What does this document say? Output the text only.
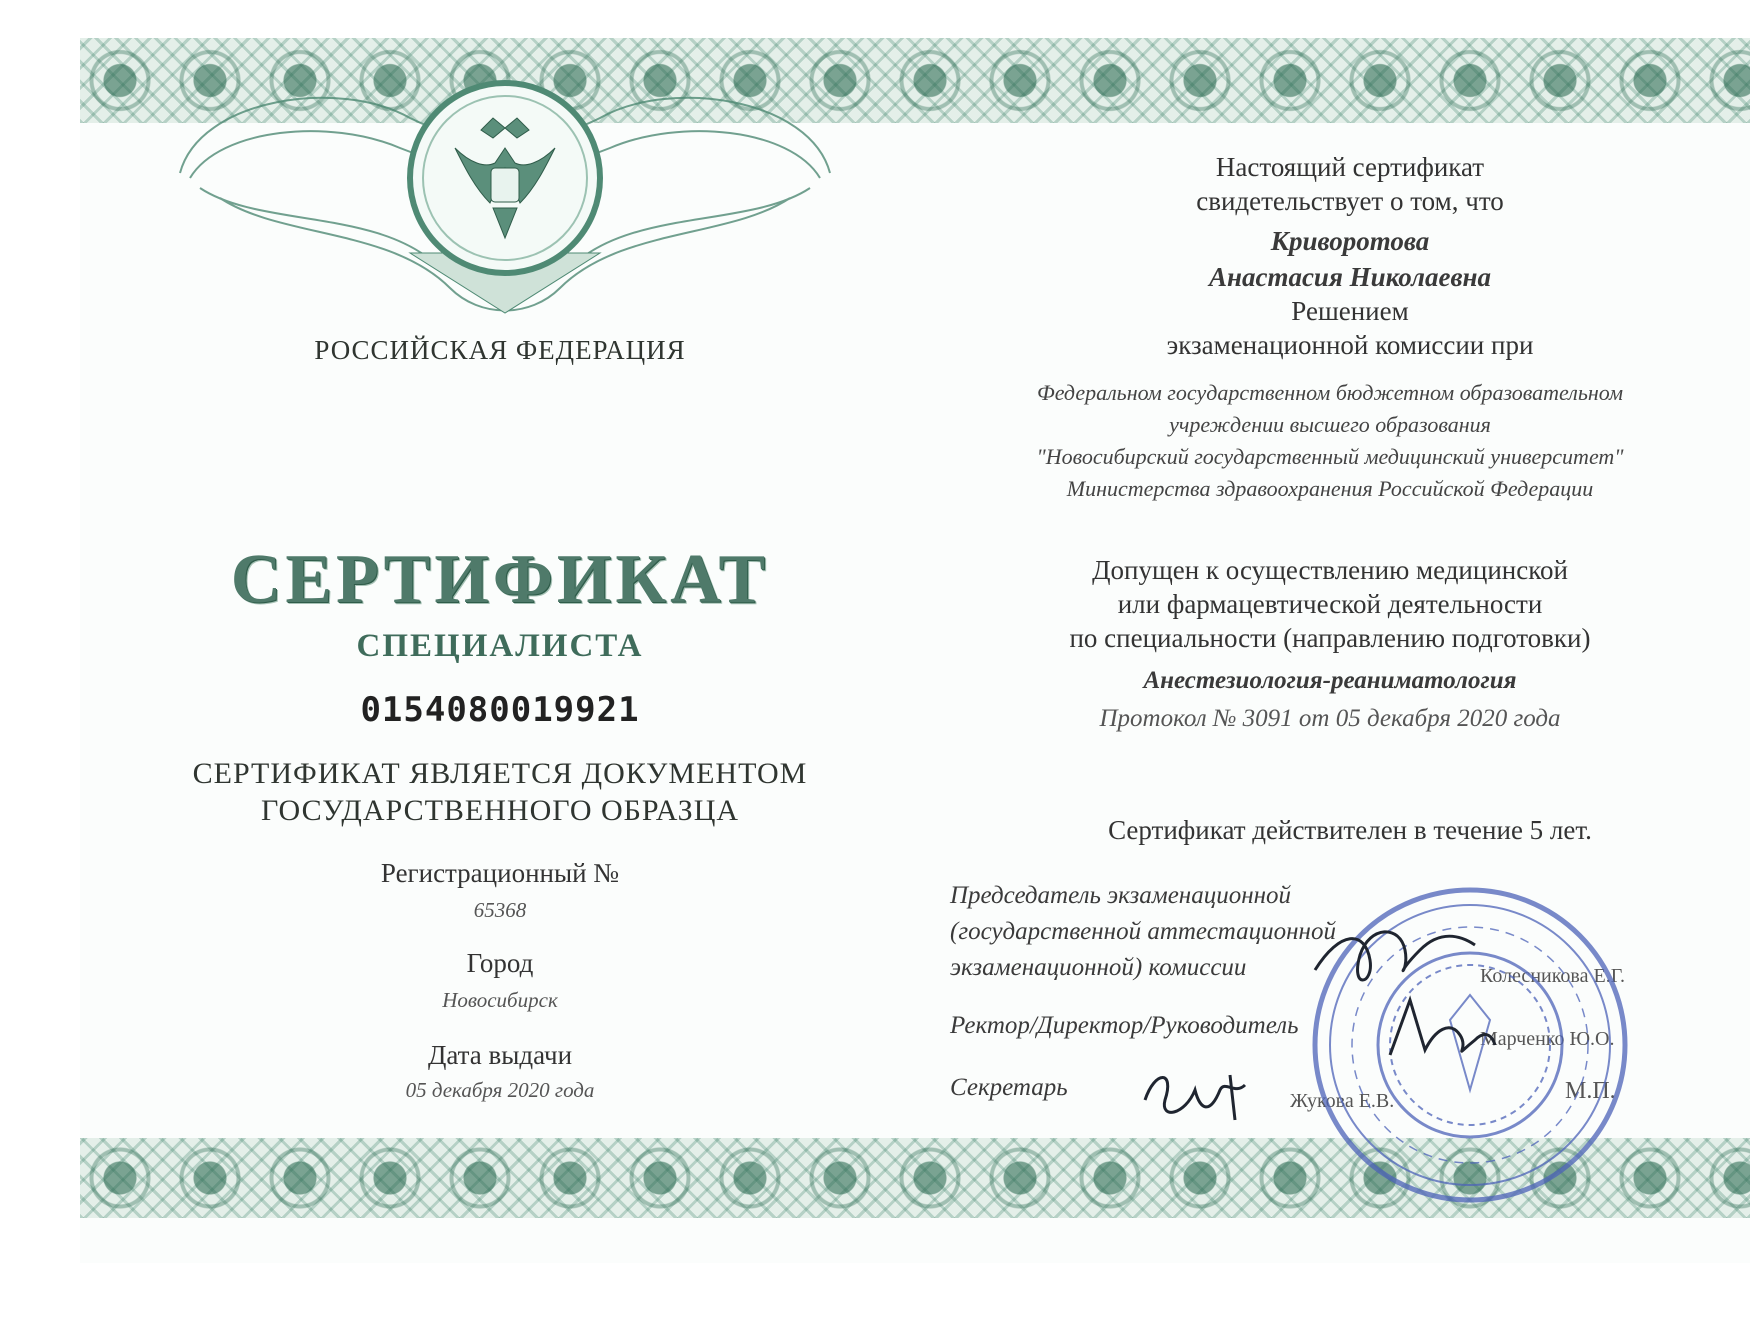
РОССИЙСКАЯ ФЕДЕРАЦИЯ
СЕРТИФИКАТ
СПЕЦИАЛИСТА
0154080019921
СЕРТИФИКАТ ЯВЛЯЕТСЯ ДОКУМЕНТОМ
ГОСУДАРСТВЕННОГО ОБРАЗЦА
Регистрационный №
65368
Город
Новосибирск
Дата выдачи
05 декабря 2020 года
Настоящий сертификат
свидетельствует о том, что
Криворотова
Анастасия Николаевна
Решением
экзаменационной комиссии при
Федеральном государственном бюджетном образовательном
учреждении высшего образования
"Новосибирский государственный медицинский университет"
Министерства здравоохранения Российской Федерации
Допущен к осуществлению медицинской
или фармацевтической деятельности
по специальности (направлению подготовки)
Анестезиология-реаниматология
Протокол № 3091 от 05 декабря 2020 года
Сертификат действителен в течение 5 лет.
Председатель экзаменационной
(государственной аттестационной
экзаменационной) комиссии	Колесникова Е.Г.
Ректор/Директор/Руководитель	Марченко Ю.О.
Секретарь	Жукова Е.В.	М.П.
